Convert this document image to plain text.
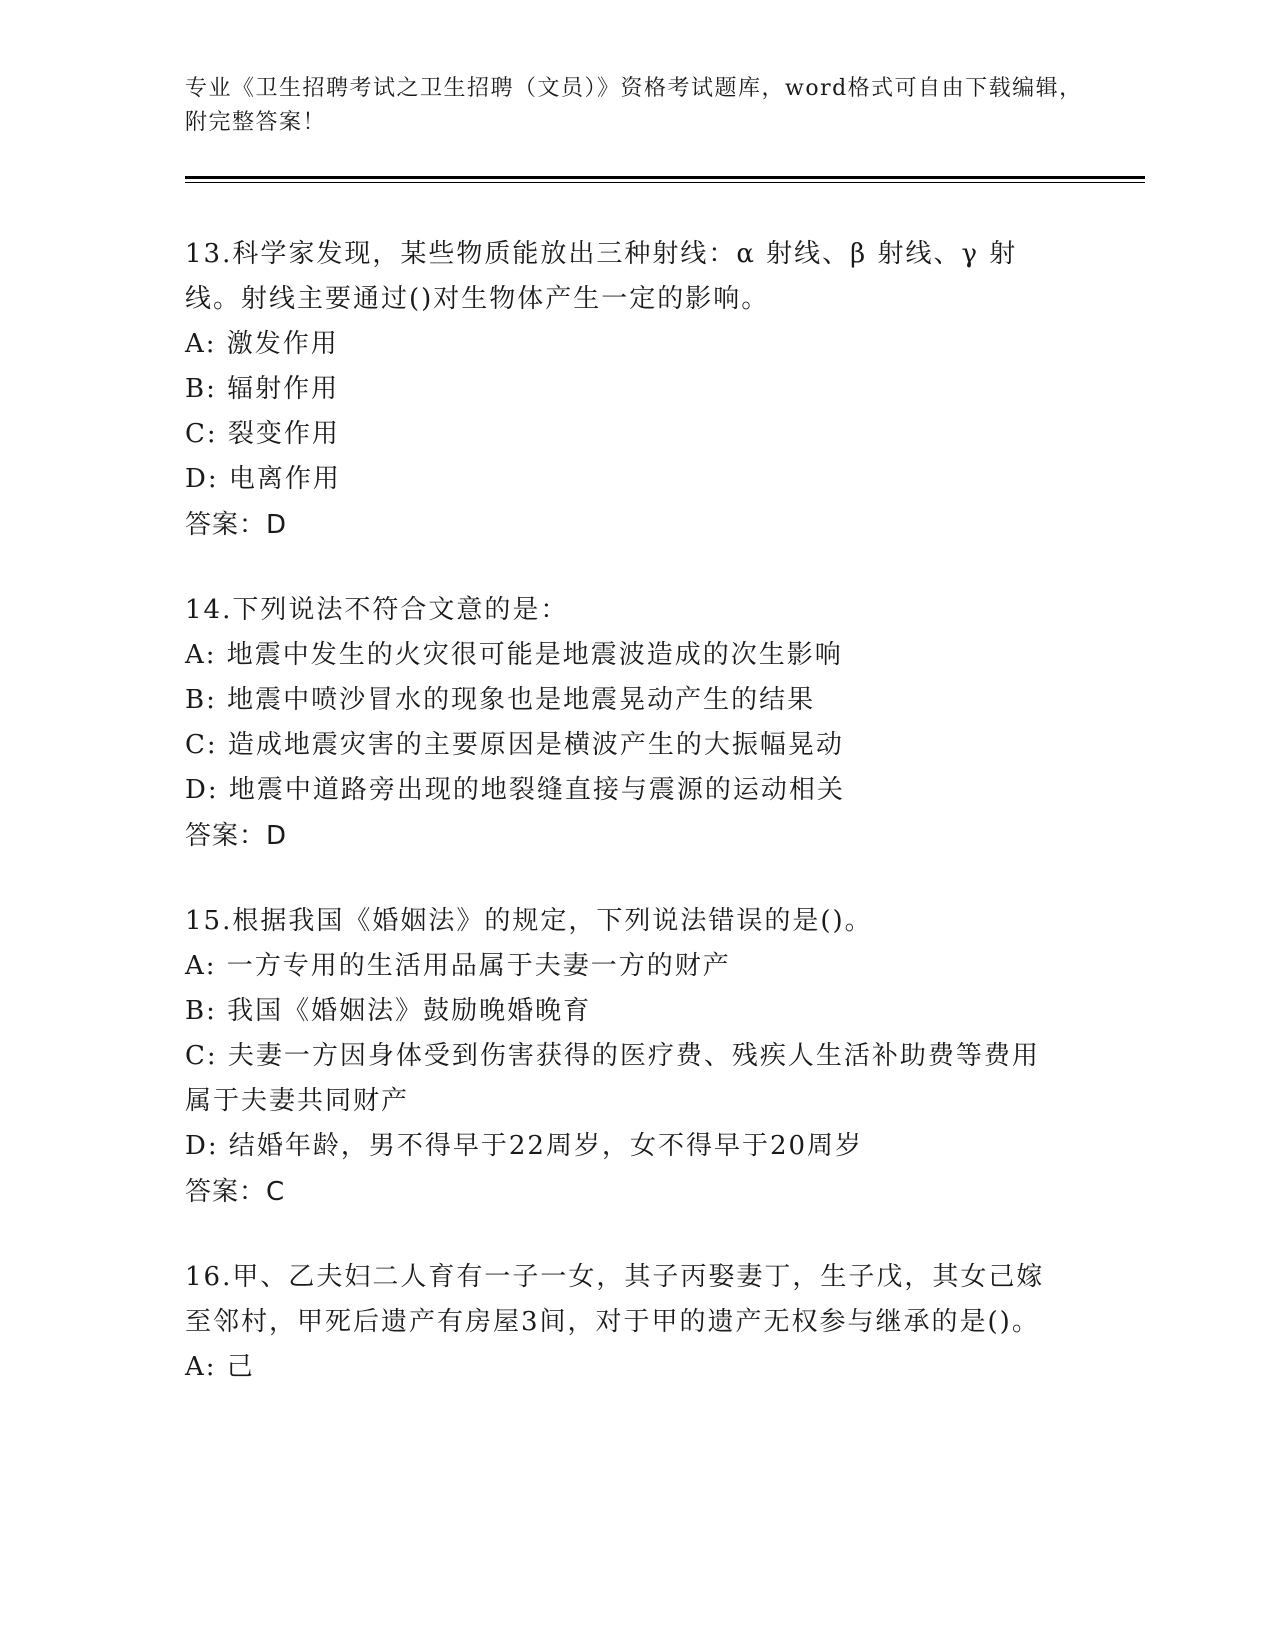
专业《卫生招聘考试之卫生招聘（文员）》资格考试题库，word格式可自由下载编辑，附完整答案！
13.科学家发现，某些物质能放出三种射线：α 射线、β 射线、γ 射线。射线主要通过()对生物体产生一定的影响。
A: 激发作用
B: 辐射作用
C: 裂变作用
D: 电离作用
答案：D
14.下列说法不符合文意的是：
A: 地震中发生的火灾很可能是地震波造成的次生影响
B: 地震中喷沙冒水的现象也是地震晃动产生的结果
C: 造成地震灾害的主要原因是横波产生的大振幅晃动
D: 地震中道路旁出现的地裂缝直接与震源的运动相关
答案：D
15.根据我国《婚姻法》的规定，下列说法错误的是()。
A: 一方专用的生活用品属于夫妻一方的财产
B: 我国《婚姻法》鼓励晚婚晚育
C: 夫妻一方因身体受到伤害获得的医疗费、残疾人生活补助费等费用属于夫妻共同财产
D: 结婚年龄，男不得早于22周岁，女不得早于20周岁
答案：C
16.甲、乙夫妇二人育有一子一女，其子丙娶妻丁，生子戊，其女己嫁至邻村，甲死后遗产有房屋3间，对于甲的遗产无权参与继承的是()。
A: 己
